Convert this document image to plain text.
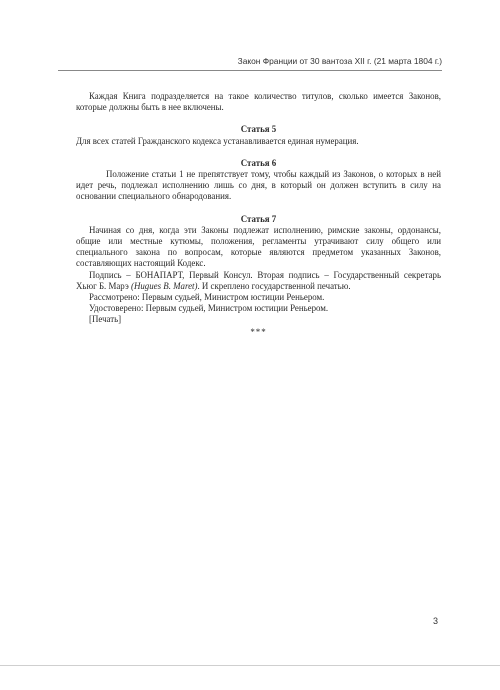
Закон Франции от 30 вантоза XII г. (21 марта 1804 г.)

Каждая Книга подразделяется на такое количество титулов, сколько имеется Законов, которые должны быть в нее включены.

Статья 5

Для всех статей Гражданского кодекса устанавливается единая нумерация.

Статья 6

Положение статьи 1 не препятствует тому, чтобы каждый из Законов, о которых в ней идет речь, подлежал исполнению лишь со дня, в который он должен вступить в силу на основании специального обнародования.

Статья 7

Начиная со дня, когда эти Законы подлежат исполнению, римские законы, ордонансы, общие или местные кутюмы, положения, регламенты утрачивают силу общего или специального закона по вопросам, которые являются предметом указанных Законов, составляющих настоящий Кодекс.

Подпись – БОНАПАРТ, Первый Консул. Вторая подпись – Государственный секретарь Хьюг Б. Марэ (Hugues B. Maret). И скреплено государственной печатью.

Рассмотрено: Первым судьей, Министром юстиции Реньером.

Удостоверено: Первым судьей, Министром юстиции Реньером.

[Печать]

***

3
